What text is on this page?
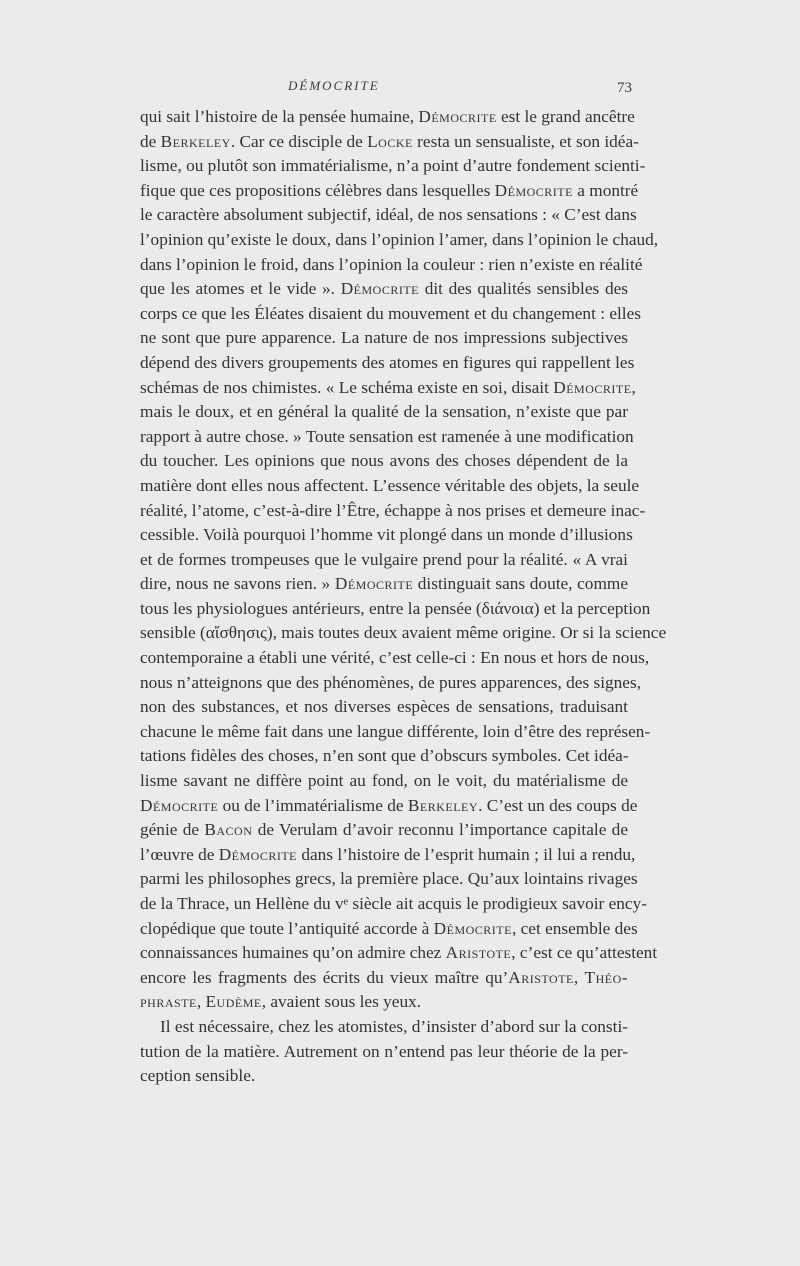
DÉMOCRITE	73
qui sait l’histoire de la pensée humaine, Démocrite est le grand ancêtre
de Berkeley. Car ce disciple de Locke resta un sensualiste, et son idéa-
lisme, ou plutôt son immatérialisme, n’a point d’autre fondement scienti-
fique que ces propositions célèbres dans lesquelles Démocrite a montré
le caractère absolument subjectif, idéal, de nos sensations : « C’est dans
l’opinion qu’existe le doux, dans l’opinion l’amer, dans l’opinion le chaud,
dans l’opinion le froid, dans l’opinion la couleur : rien n’existe en réalité
que les atomes et le vide ». Démocrite dit des qualités sensibles des
corps ce que les Éléates disaient du mouvement et du changement : elles
ne sont que pure apparence. La nature de nos impressions subjectives
dépend des divers groupements des atomes en figures qui rappellent les
schémas de nos chimistes. « Le schéma existe en soi, disait Démocrite,
mais le doux, et en général la qualité de la sensation, n’existe que par
rapport à autre chose. » Toute sensation est ramenée à une modification
du toucher. Les opinions que nous avons des choses dépendent de la
matière dont elles nous affectent. L’essence véritable des objets, la seule
réalité, l’atome, c’est-à-dire l’Être, échappe à nos prises et demeure inac-
cessible. Voilà pourquoi l’homme vit plongé dans un monde d’illusions
et de formes trompeuses que le vulgaire prend pour la réalité. « A vrai
dire, nous ne savons rien. » Démocrite distinguait sans doute, comme
tous les physiologues antérieurs, entre la pensée (διάνοια) et la perception
sensible (αἴσθησις), mais toutes deux avaient même origine. Or si la science
contemporaine a établi une vérité, c’est celle-ci : En nous et hors de nous,
nous n’atteignons que des phénomènes, de pures apparences, des signes,
non des substances, et nos diverses espèces de sensations, traduisant
chacune le même fait dans une langue différente, loin d’être des représen-
tations fidèles des choses, n’en sont que d’obscurs symboles. Cet idéa-
lisme savant ne diffère point au fond, on le voit, du matérialisme de
Démocrite ou de l’immatérialisme de Berkeley. C’est un des coups de
génie de Bacon de Verulam d’avoir reconnu l’importance capitale de
l’œuvre de Démocrite dans l’histoire de l’esprit humain ; il lui a rendu,
parmi les philosophes grecs, la première place. Qu’aux lointains rivages
de la Thrace, un Hellène du vᵉ siècle ait acquis le prodigieux savoir ency-
clopédique que toute l’antiquité accorde à Démocrite, cet ensemble des
connaissances humaines qu’on admire chez Aristote, c’est ce qu’attestent
encore les fragments des écrits du vieux maître qu’Aristote, Théo-
phraste, Eudème, avaient sous les yeux.
Il est nécessaire, chez les atomistes, d’insister d’abord sur la consti-
tution de la matière. Autrement on n’entend pas leur théorie de la per-
ception sensible.
